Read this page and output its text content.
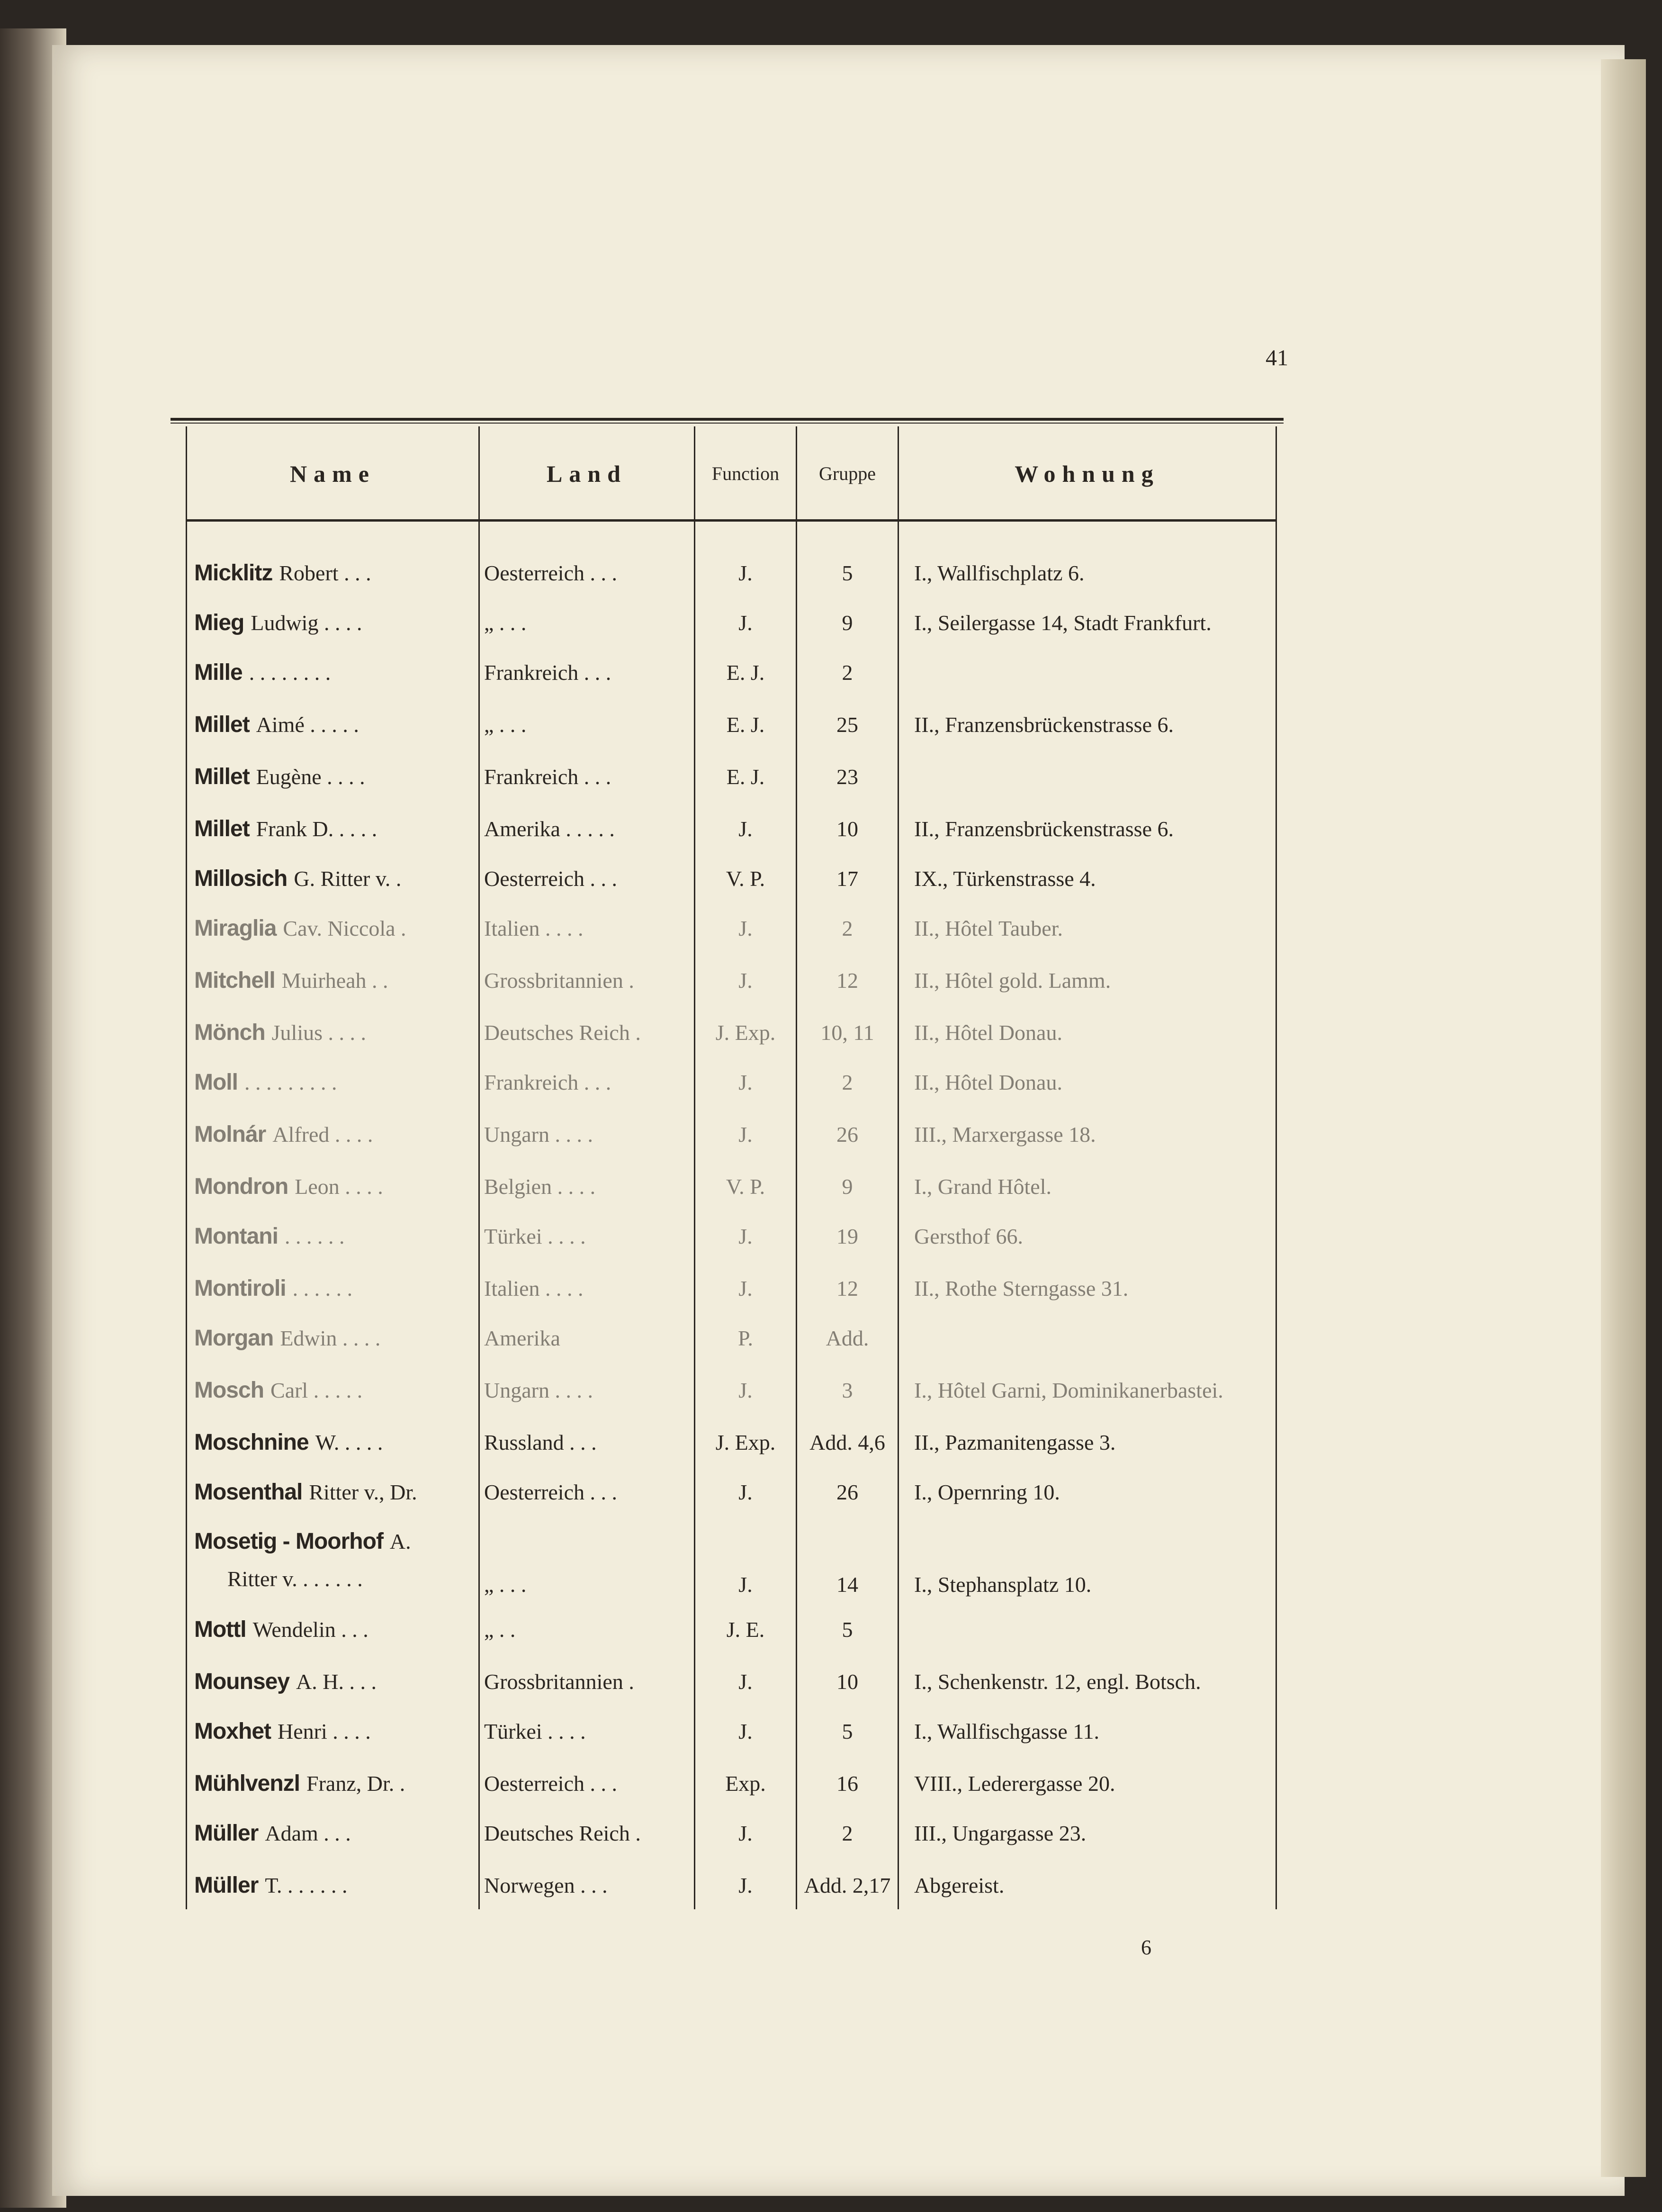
41
Name	Land	Function	Gruppe	Wohnung
Micklitz Robert . . .	Oesterreich . . .	J.	5	I., Wallfischplatz 6.
Mieg Ludwig . . . .	„ . . .	J.	9	I., Seilergasse 14, Stadt Frankfurt.
Mille . . . . . . . .	Frankreich . . .	E. J.	2
Millet Aimé . . . . .	„ . . .	E. J.	25	II., Franzensbrückenstrasse 6.
Millet Eugène . . . .	Frankreich . . .	E. J.	23
Millet Frank D. . . . .	Amerika . . . . .	J.	10	II., Franzensbrückenstrasse 6.
Millosich G. Ritter v. .	Oesterreich . . .	V. P.	17	IX., Türkenstrasse 4.
Miraglia Cav. Niccola .	Italien . . . .	J.	2	II., Hôtel Tauber.
Mitchell Muirheah . .	Grossbritannien .	J.	12	II., Hôtel gold. Lamm.
Mönch Julius . . . .	Deutsches Reich .	J. Exp.	10, 11	II., Hôtel Donau.
Moll . . . . . . . . .	Frankreich . . .	J.	2	II., Hôtel Donau.
Molnár Alfred . . . .	Ungarn . . . .	J.	26	III., Marxergasse 18.
Mondron Leon . . . .	Belgien . . . .	V. P.	9	I., Grand Hôtel.
Montani . . . . . .	Türkei . . . .	J.	19	Gersthof 66.
Montiroli . . . . . .	Italien . . . .	J.	12	II., Rothe Sterngasse 31.
Morgan Edwin . . . .	Amerika	P.	Add.
Mosch Carl . . . . .	Ungarn . . . .	J.	3	I., Hôtel Garni, Dominikanerbastei.
Moschnine W. . . . .	Russland . . .	J. Exp.	Add. 4,6	II., Pazmanitengasse 3.
Mosenthal Ritter v., Dr.	Oesterreich . . .	J.	26	I., Opernring 10.
Mosetig - Moorhof A.
Ritter v. . . . . . .	„ . . .	J.	14	I., Stephansplatz 10.
Mottl Wendelin . . .	„ . .	J. E.	5
Mounsey A. H. . . .	Grossbritannien .	J.	10	I., Schenkenstr. 12, engl. Botsch.
Moxhet Henri . . . .	Türkei . . . .	J.	5	I., Wallfischgasse 11.
Mühlvenzl Franz, Dr. .	Oesterreich . . .	Exp.	16	VIII., Lederergasse 20.
Müller Adam . . .	Deutsches Reich .	J.	2	III., Ungargasse 23.
Müller T. . . . . . .	Norwegen . . .	J.	Add. 2,17	Abgereist.
6
